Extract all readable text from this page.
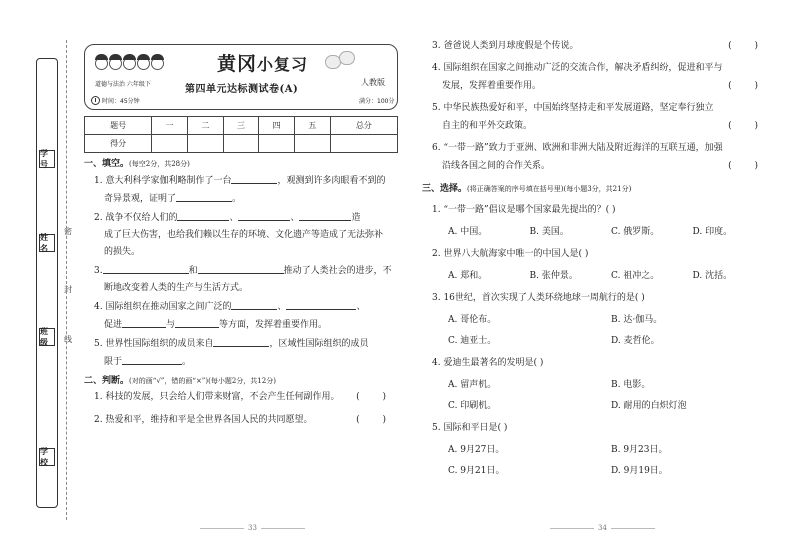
学号
姓名
班级
学校
密
封
线
黄冈小复习
道德与法治 六年级下	第四单元达标测试卷(A)
人教版
时间：45分钟	满分：100分
题号	一	二	三	四	五	总分
得分						
一、填空。(每空2分，共28分)

1. 意大利科学家伽利略制作了一台	，观测到许多肉眼看不到的

奇异景观，证明了	。

2. 战争不仅给人们的	、	、	造

成了巨大伤害，也给我们赖以生存的环境、文化遗产等造成了无法弥补

的损失。

3.	和	推动了人类社会的进步，不

断地改变着人类的生产与生活方式。

4. 国际组织在推动国家之间广泛的	、	、

促进	与	等方面，发挥着重要作用。

5. 世界性国际组织的成员来自	，区域性国际组织的成员

限于	。

二、判断。(对的画“√”，错的画“×”)(每小题2分，共12分)

1. 科技的发展，只会给人们带来财富，不会产生任何副作用。	( )

2. 热爱和平，维持和平是全世界各国人民的共同愿望。	( )

3. 爸爸说人类到月球度假是个传说。	( )

4. 国际组织在国家之间推动广泛的交流合作，解决矛盾纠纷，促进和平与

发展，发挥着重要作用。	( )

5. 中华民族热爱好和平，中国始终坚持走和平发展道路，坚定奉行独立

自主的和平外交政策。	( )

6. “一带一路”致力于亚洲、欧洲和非洲大陆及附近海洋的互联互通，加强

沿线各国之间的合作关系。	( )
三、选择。(将正确答案的序号填在括号里)(每小题3分，共21分)

1. “一带一路”倡议是哪个国家最先提出的？( )

A. 中国。	B. 美国。	C. 俄罗斯。	D. 印度。

2. 世界八大航海家中唯一的中国人是( )

A. 郑和。	B. 张仲景。	C. 祖冲之。	D. 沈括。

3. 16世纪，首次实现了人类环绕地球一周航行的是( )

A. 哥伦布。	B. 达·伽马。
C. 迪亚士。	D. 麦哲伦。

4. 爱迪生最著名的发明是( )

A. 留声机。	B. 电影。
C. 印刷机。	D. 耐用的白炽灯泡

5. 国际和平日是( )

A. 9月27日。	B. 9月23日。
C. 9月21日。	D. 9月19日。
33	34
